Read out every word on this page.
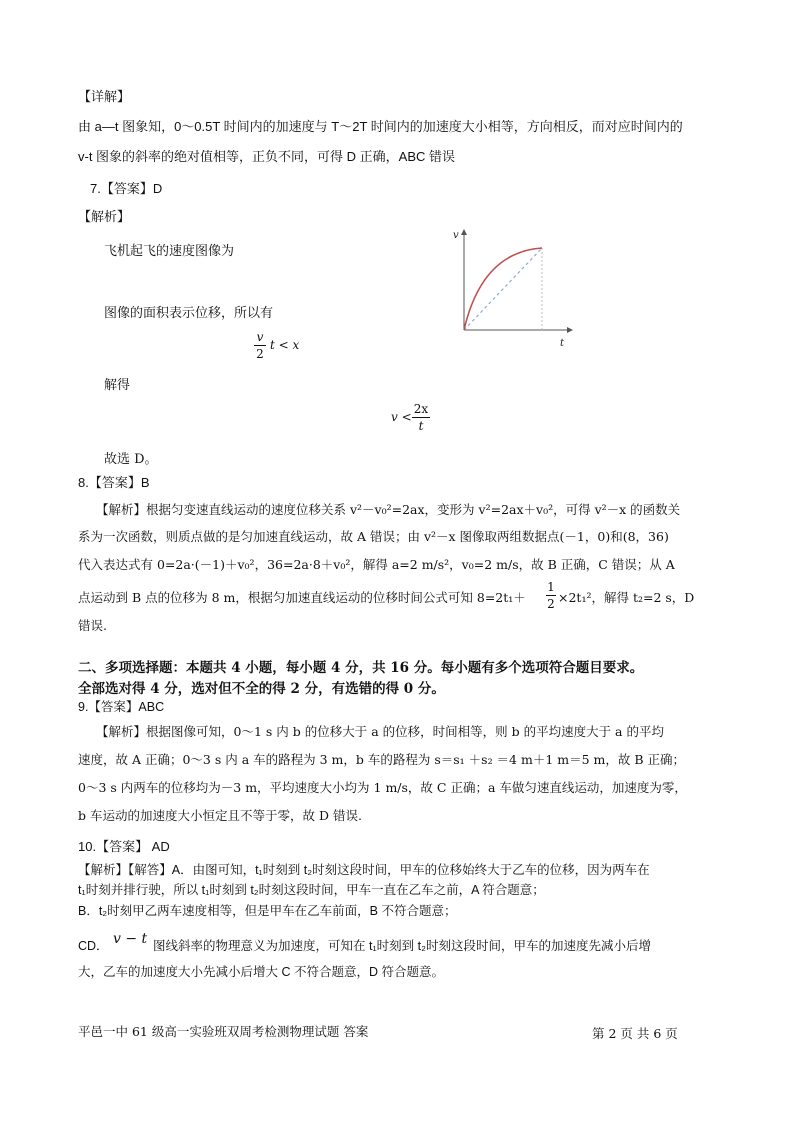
【详解】
由 a—t 图象知，0～0.5T 时间内的加速度与 T～2T 时间内的加速度大小相等，方向相反，而对应时间内的
v-t 图象的斜率的绝对值相等，正负不同，可得 D 正确，ABC 错误
7.【答案】D
【解析】
飞机起飞的速度图像为
图像的面积表示位移，所以有
v
2
t < x
解得
v <
2x
t
故选 D。
v
t
8.【答案】B
【解析】根据匀变速直线运动的速度位移关系 v²－v₀²=2ax，变形为 v²=2ax＋v₀²，可得 v²－x 的函数关
系为一次函数，则质点做的是匀加速直线运动，故 A 错误；由 v²－x 图像取两组数据点(－1，0)和(8，36)
代入表达式有 0=2a·(－1)＋v₀²，36=2a·8＋v₀²，解得 a=2 m/s²，v₀=2 m/s，故 B 正确，C 错误；从 A
点运动到 B 点的位移为 8 m，根据匀加速直线运动的位移时间公式可知 8=2t₁＋
1
2 ×2t₁²，解得 t₂=2 s，D
错误.
二、多项选择题：本题共 4 小题，每小题 4 分，共 16 分。每小题有多个选项符合题目要求。
全部选对得 4 分，选对但不全的得 2 分，有选错的得 0 分。
9.【答案】ABC
【解析】根据图像可知，0～1 s 内 b 的位移大于 a 的位移，时间相等，则 b 的平均速度大于 a 的平均
速度，故 A 正确；0～3 s 内 a 车的路程为 3 m，b 车的路程为 s＝s₁ ＋s₂ ＝4 m＋1 m＝5 m，故 B 正确；
0～3 s 内两车的位移均为－3 m，平均速度大小均为 1 m/s，故 C 正确；a 车做匀速直线运动，加速度为零，
b 车运动的加速度大小恒定且不等于零，故 D 错误.
10.【答案】 AD
【解析】【解答】A．由图可知，t₁时刻到 t₂时刻这段时间，甲车的位移始终大于乙车的位移，因为两车在
t₁时刻并排行驶，所以 t₁时刻到 t₂时刻这段时间，甲车一直在乙车之前，A 符合题意；
B．t₂时刻甲乙两车速度相等，但是甲车在乙车前面，B 不符合题意；
CD． v − t 图线斜率的物理意义为加速度，可知在 t₁时刻到 t₂时刻这段时间，甲车的加速度先减小后增
大，乙车的加速度大小先减小后增大 C 不符合题意，D 符合题意。
平邑一中 61 级高一实验班双周考检测物理试题 答案	第 2 页 共 6 页
